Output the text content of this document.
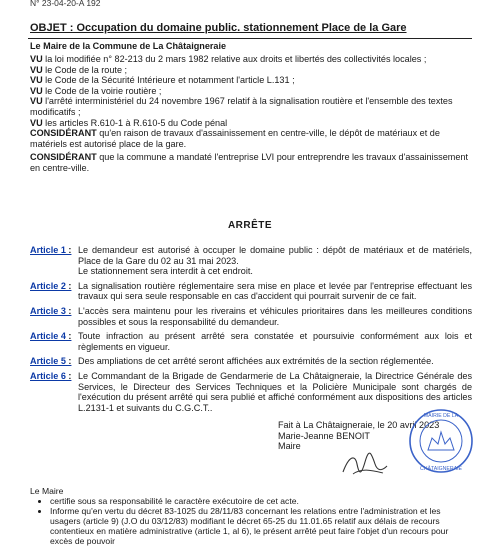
N° 23-04-20-A 192
OBJET : Occupation du domaine public. stationnement Place de la Gare
Le Maire de la Commune de La Châtaigneraie

VU la loi modifiée n° 82-213 du 2 mars 1982 relative aux droits et libertés des collectivités locales ;

VU le Code de la route ;

VU le Code de la Sécurité Intérieure et notamment l'article L.131 ;

VU le Code de la voirie routière ;

VU l'arrêté interministériel du 24 novembre 1967 relatif à la signalisation routière et l'ensemble des textes modificatifs ;

VU les articles R.610-1 à R.610-5 du Code pénal

CONSIDÉRANT qu'en raison de travaux d'assainissement en centre-ville, le dépôt de matériaux et de matériels est autorisé place de la gare.

CONSIDÉRANT que la commune a mandaté l'entreprise LVI pour entreprendre les travaux d'assainissement en centre-ville.

ARRÊTE
Article 1 : Le demandeur est autorisé à occuper le domaine public : dépôt de matériaux et de matériels, Place de la Gare du 02 au 31 mai 2023.

Le stationnement sera interdit à cet endroit.

Article 2 : La signalisation routière réglementaire sera mise en place et levée par l'entreprise effectuant les travaux qui sera seule responsable en cas d'accident qui pourrait survenir de ce fait.

Article 3 : L'accès sera maintenu pour les riverains et véhicules prioritaires dans les meilleures conditions possibles et sous la responsabilité du demandeur.

Article 4 : Toute infraction au présent arrêté sera constatée et poursuivie conformément aux lois et règlements en vigueur.

Article 5 : Des ampliations de cet arrêté seront affichées aux extrémités de la section réglementée.

Article 6 : Le Commandant de la Brigade de Gendarmerie de La Châtaigneraie, la Directrice Générale des Services, le Directeur des Services Techniques et la Policière Municipale sont chargés de l'exécution du présent arrêté qui sera publié et affiché conformément aux dispositions des articles L.2131-1 et suivants du C.G.C.T..

Fait à La Châtaigneraie, le 20 avril 2023

Marie-Jeanne BENOIT

Maire

MAIRIE DE LA
CHÂTAIGNERAIE

Le Maire

• certifie sous sa responsabilité le caractère exécutoire de cet acte.
• Informe qu'en vertu du décret 83-1025 du 28/11/83 concernant les relations entre l'administration et les usagers (article 9) (J.O du 03/12/83) modifiant le décret 65-25 du 11.01.65 relatif aux délais de recours contentieux en matière administrative (article 1, al 6), le présent arrêté peut faire l'objet d'un recours pour excès de pouvoir
